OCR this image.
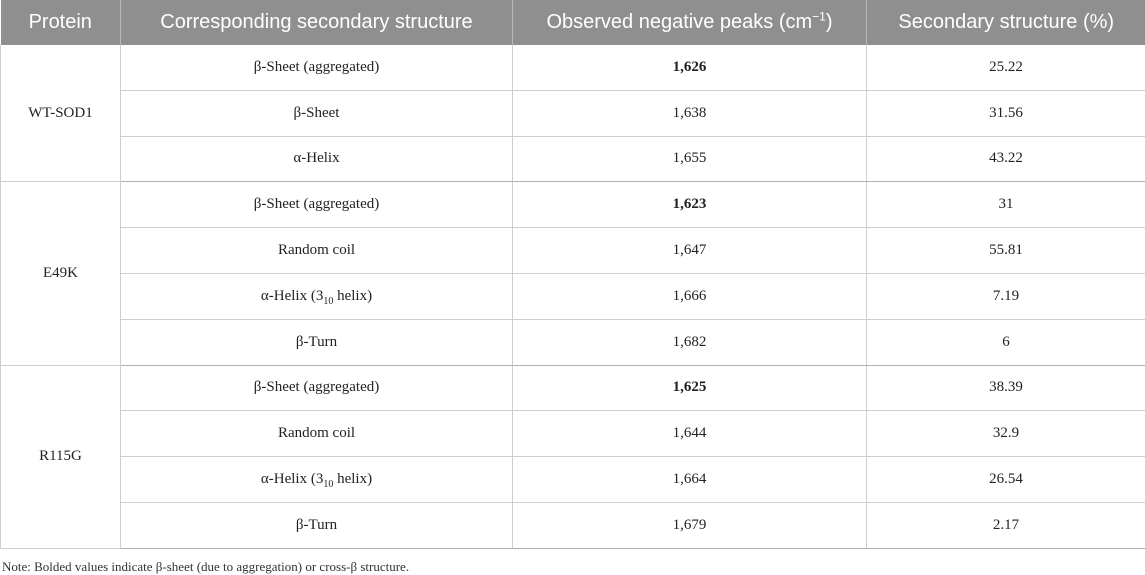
Protein	Corresponding secondary structure	Observed negative peaks $(cm^{-1})$	Secondary structure (%)
WT-SOD1	β-Sheet (aggregated)	1,626	25.22
	β-Sheet	1,638	31.56
	α-Helix	1,655	43.22
E49K	β-Sheet (aggregated)	1,623	31
	Random coil	1,647	55.81
	α-Helix ($3_{10}$ helix)	1,666	7.19
	β-Turn	1,682	6
R115G	β-Sheet (aggregated)	1,625	38.39
	Random coil	1,644	32.9
	α-Helix ($3_{10}$ helix)	1,664	26.54
	β-Turn	1,679	2.17
Note: Bolded values indicate β-sheet (due to aggregation) or cross-β structure.
